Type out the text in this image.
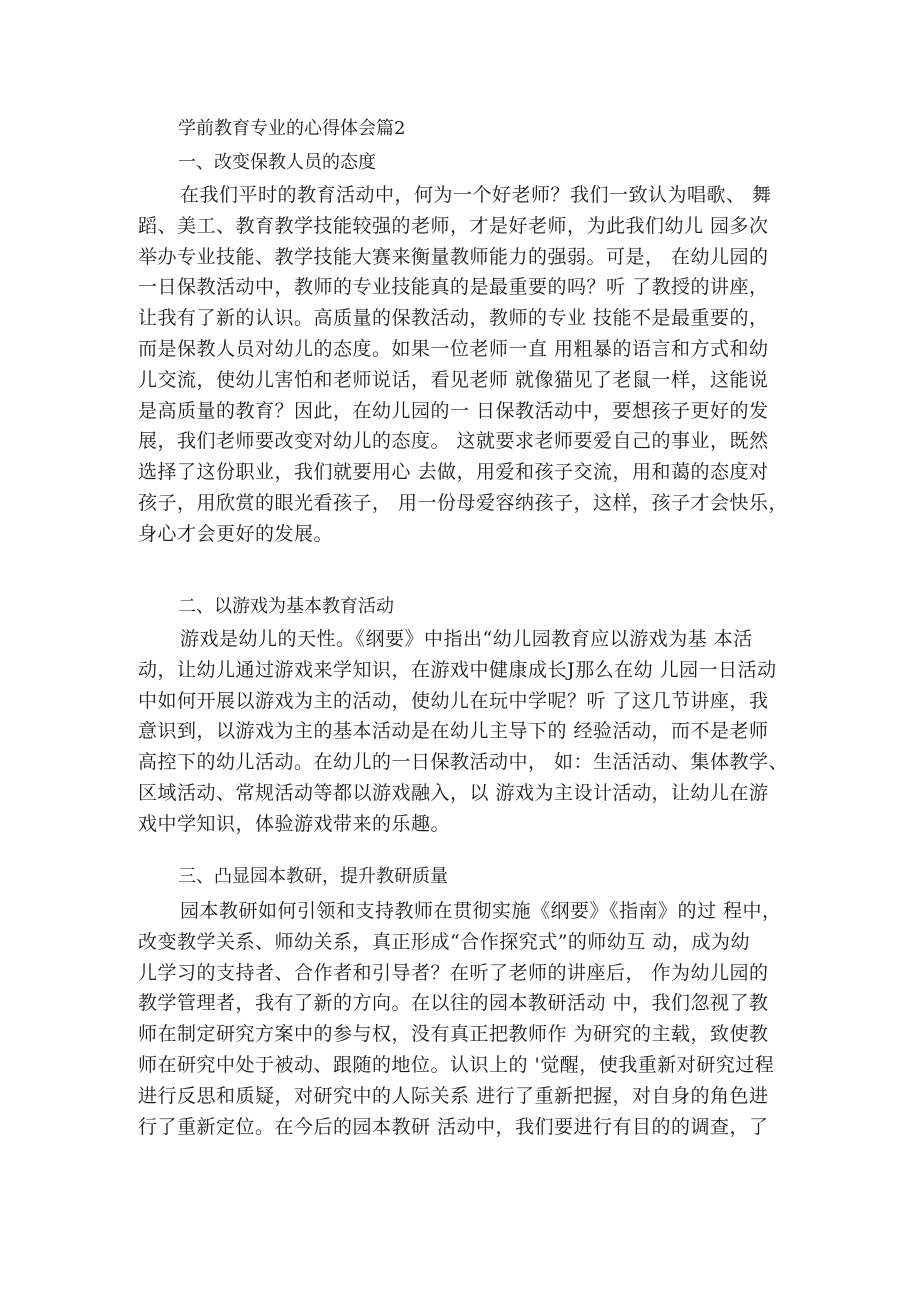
学前教育专业的心得体会篇2
一、改变保教人员的态度
在我们平时的教育活动中，何为一个好老师？我们一致认为唱歌、 舞
蹈、美工、教育教学技能较强的老师，才是好老师，为此我们幼儿 园多次
举办专业技能、教学技能大赛来衡量教师能力的强弱。可是， 在幼儿园的
一日保教活动中，教师的专业技能真的是最重要的吗？听 了教授的讲座，
让我有了新的认识。高质量的保教活动，教师的专业 技能不是最重要的，
而是保教人员对幼儿的态度。如果一位老师一直 用粗暴的语言和方式和幼
儿交流，使幼儿害怕和老师说话，看见老师 就像猫见了老鼠一样，这能说
是高质量的教育？因此，在幼儿园的一 日保教活动中，要想孩子更好的发
展，我们老师要改变对幼儿的态度。 这就要求老师要爱自己的事业，既然
选择了这份职业，我们就要用心 去做，用爱和孩子交流，用和蔼的态度对
孩子，用欣赏的眼光看孩子， 用一份母爱容纳孩子，这样，孩子才会快乐，
身心才会更好的发展。
二、以游戏为基本教育活动
游戏是幼儿的天性。《纲要》中指出“幼儿园教育应以游戏为基 本活
动，让幼儿通过游戏来学知识，在游戏中健康成长J那么在幼 儿园一日活动
中如何开展以游戏为主的活动，使幼儿在玩中学呢？听 了这几节讲座，我
意识到，以游戏为主的基本活动是在幼儿主导下的 经验活动，而不是老师
高控下的幼儿活动。在幼儿的一日保教活动中， 如：生活活动、集体教学、
区域活动、常规活动等都以游戏融入，以 游戏为主设计活动，让幼儿在游
戏中学知识，体验游戏带来的乐趣。
三、凸显园本教研，提升教研质量
园本教研如何引领和支持教师在贯彻实施《纲要》《指南》的过 程中，
改变教学关系、师幼关系，真正形成“合作探究式”的师幼互 动，成为幼
儿学习的支持者、合作者和引导者？在听了老师的讲座后， 作为幼儿园的
教学管理者，我有了新的方向。在以往的园本教研活动 中，我们忽视了教
师在制定研究方案中的参与权，没有真正把教师作 为研究的主载，致使教
师在研究中处于被动、跟随的地位。认识上的 '觉醒，使我重新对研究过程
进行反思和质疑，对研究中的人际关系 进行了重新把握，对自身的角色进
行了重新定位。在今后的园本教研 活动中，我们要进行有目的的调查，了
